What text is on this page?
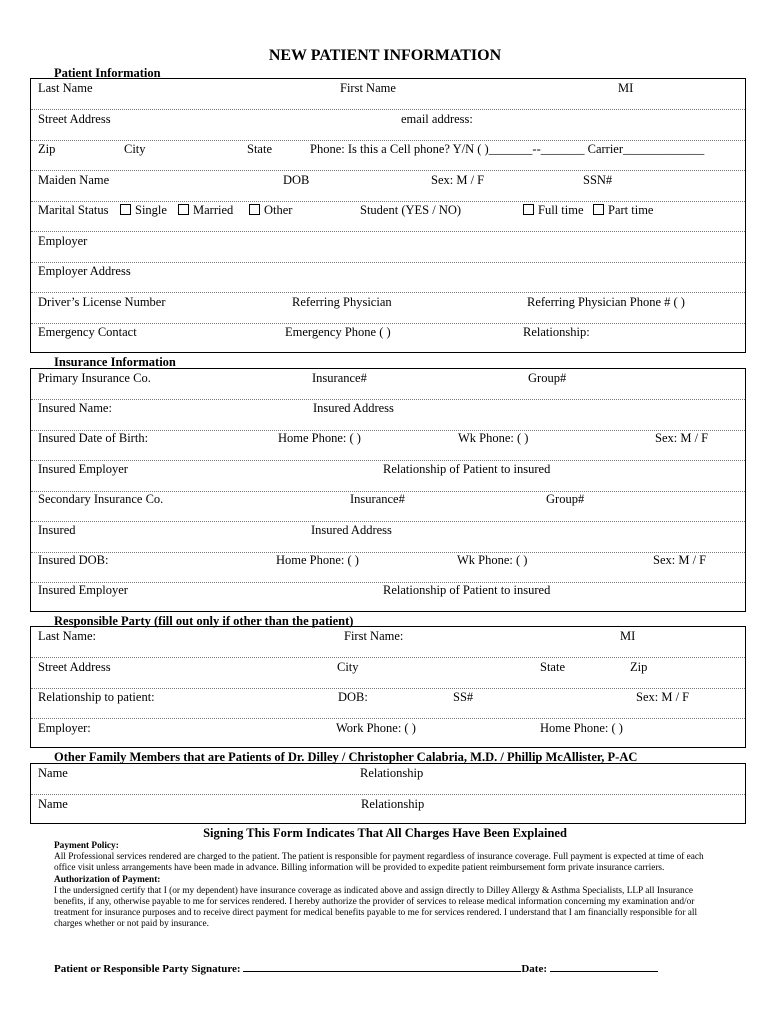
NEW PATIENT INFORMATION
Patient Information
Last Name	First Name	MI
Street Address	email address:
Zip	City	State	Phone: Is this a Cell phone? Y/N ( )_______--_______ Carrier_____________
Maiden Name	DOB	Sex: M / F	SSN#
Marital Status	Single	Married	Other	Student (YES / NO)	Full time	Part time
Employer
Employer Address
Driver’s License Number	Referring Physician	Referring Physician Phone # ( )
Emergency Contact	Emergency Phone ( )	Relationship:
Insurance Information
Primary Insurance Co.	Insurance#	Group#
Insured Name:	Insured Address
Insured Date of Birth:	Home Phone: ( )	Wk Phone: ( )	Sex: M / F
Insured Employer	Relationship of Patient to insured
Secondary Insurance Co.	Insurance#	Group#
Insured	Insured Address
Insured DOB:	Home Phone: ( )	Wk Phone: ( )	Sex: M / F
Insured Employer	Relationship of Patient to insured
Responsible Party (fill out only if other than the patient)
Last Name:	First Name:	MI
Street Address	City	State	Zip
Relationship to patient:	DOB:	SS#	Sex: M / F
Employer:	Work Phone: ( )	Home Phone: ( )
Other Family Members that are Patients of Dr. Dilley / Christopher Calabria, M.D. / Phillip McAllister, P-AC
Name	Relationship
Name	Relationship
Signing This Form Indicates That All Charges Have Been Explained
Payment Policy:
All Professional services rendered are charged to the patient. The patient is responsible for payment regardless of insurance coverage. Full payment is expected at time of each office visit unless arrangements have been made in advance. Billing information will be provided to expedite patient reimbursement form private insurance carriers.
Authorization of Payment:
I the undersigned certify that I (or my dependent) have insurance coverage as indicated above and assign directly to Dilley Allergy & Asthma Specialists, LLP all Insurance benefits, if any, otherwise payable to me for services rendered. I hereby authorize the provider of services to release medical information concerning my examination and/or treatment for insurance purposes and to receive direct payment for medical benefits payable to me for services rendered. I understand that I am financially responsible for all charges whether or not paid by insurance.
Patient or Responsible Party Signature:	Date:
